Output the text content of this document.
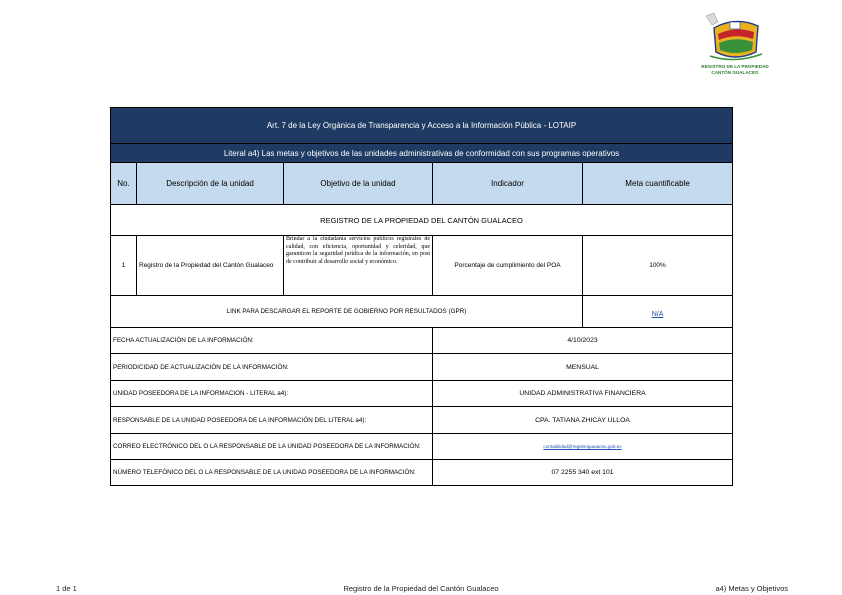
REGISTRO DE LA PROPIEDAD
CANTÓN GUALACEO
Art. 7 de la Ley Orgánica de Transparencia y Acceso a la Información Pública - LOTAIP				
Literal a4) Las metas y objetivos de las unidades administrativas de conformidad con sus programas operativos				
No.	Descripción de la unidad	Objetivo de la unidad	Indicador	Meta cuantificable
REGISTRO DE LA PROPIEDAD DEL CANTÓN GUALACEO				
1	Registro de la Propiedad del Cantón Gualaceo	Brindar a la ciudadanía servicios públicos registrales de calidad, con eficiencia, oportunidad y celeridad, que garanticen la seguridad jurídica de la información, en post de contribuir al desarrollo social y económico.	Porcentaje de cumplimiento del POA	100%
LINK PARA DESCARGAR EL REPORTE DE GOBIERNO POR RESULTADOS (GPR)				N/A
FECHA ACTUALIZACIÓN DE LA INFORMACIÓN:			4/10/2023	
PERIODICIDAD DE ACTUALIZACIÓN DE LA INFORMACIÓN:			MENSUAL	
UNIDAD POSEEDORA DE LA INFORMACION - LITERAL a4):			UNIDAD ADMINISTRATIVA FINANCIERA	
RESPONSABLE DE LA UNIDAD POSEEDORA DE LA INFORMACIÓN DEL LITERAL a4):			CPA. TATIANA ZHICAY ULLOA	
CORREO ELECTRÓNICO DEL O LA RESPONSABLE DE LA UNIDAD POSEEDORA DE LA INFORMACIÓN:			contabilidad@registroguaiaceo.gob.ec	
NÚMERO TELEFÓNICO DEL O LA RESPONSABLE DE LA UNIDAD POSEEDORA DE LA INFORMACIÓN:			07 2255 340 ext 101	
1 de 1	Registro de la Propiedad del Cantón Gualaceo	a4) Metas y Objetivos
